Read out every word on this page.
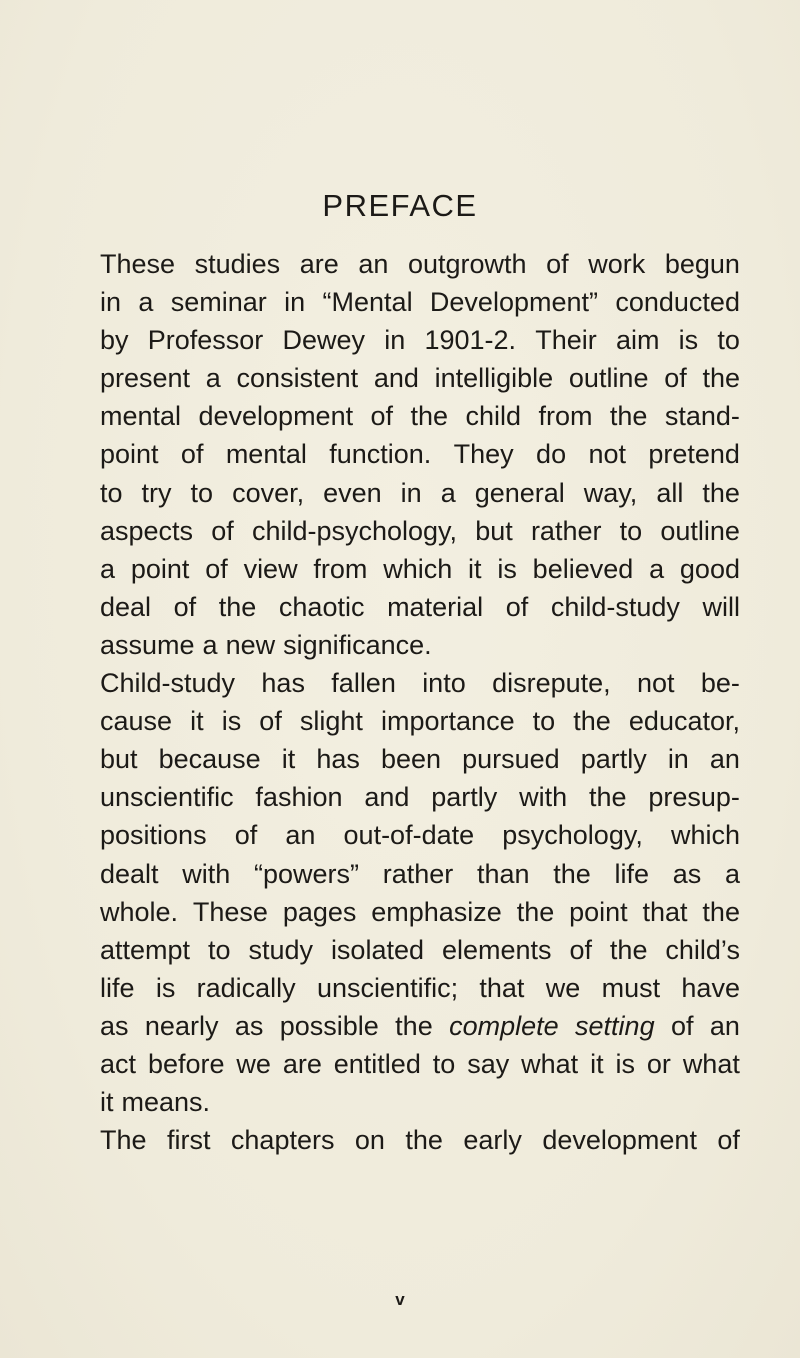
PREFACE
These studies are an outgrowth of work begun
in a seminar in “Mental Development” conducted
by Professor Dewey in 1901-2. Their aim is to
present a consistent and intelligible outline of the
mental development of the child from the stand-
point of mental function. They do not pretend
to try to cover, even in a general way, all the
aspects of child-psychology, but rather to outline
a point of view from which it is believed a good
deal of the chaotic material of child-study will
assume a new significance.
Child-study has fallen into disrepute, not be-
cause it is of slight importance to the educator,
but because it has been pursued partly in an
unscientific fashion and partly with the presup-
positions of an out-of-date psychology, which
dealt with “powers” rather than the life as a
whole. These pages emphasize the point that the
attempt to study isolated elements of the child’s
life is radically unscientific; that we must have
as nearly as possible the complete setting of an
act before we are entitled to say what it is or what
it means.
The first chapters on the early development of
v
